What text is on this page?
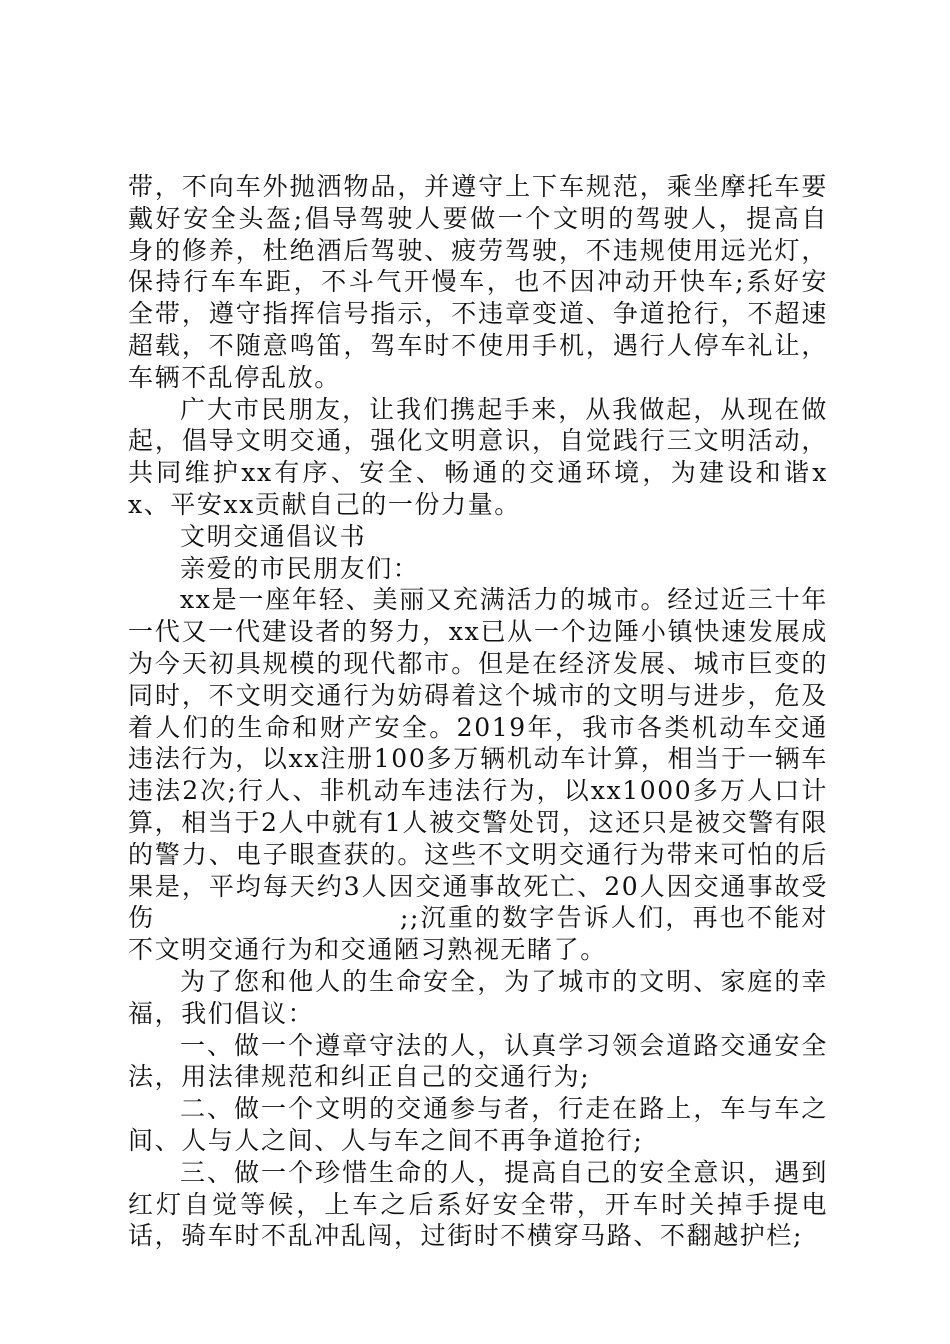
带，不向车外抛洒物品，并遵守上下车规范，乘坐摩托车要戴好安全头盔;倡导驾驶人要做一个文明的驾驶人，提高自身的修养，杜绝酒后驾驶、疲劳驾驶，不违规使用远光灯，保持行车车距，不斗气开慢车，也不因冲动开快车;系好安全带，遵守指挥信号指示，不违章变道、争道抢行，不超速超载，不随意鸣笛，驾车时不使用手机，遇行人停车礼让，车辆不乱停乱放。

广大市民朋友，让我们携起手来，从我做起，从现在做起，倡导文明交通，强化文明意识，自觉践行三文明活动，共同维护xx有序、安全、畅通的交通环境，为建设和谐xx、平安xx贡献自己的一份力量。

文明交通倡议书

亲爱的市民朋友们：

xx是一座年轻、美丽又充满活力的城市。经过近三十年一代又一代建设者的努力，xx已从一个边陲小镇快速发展成为今天初具规模的现代都市。但是在经济发展、城市巨变的同时，不文明交通行为妨碍着这个城市的文明与进步，危及着人们的生命和财产安全。2019年，我市各类机动车交通违法行为，以xx注册100多万辆机动车计算，相当于一辆车违法2次;行人、非机动车违法行为，以xx1000多万人口计算，相当于2人中就有1人被交警处罚，这还只是被交警有限的警力、电子眼查获的。这些不文明交通行为带来可怕的后果是，平均每天约3人因交通事故死亡、20人因交通事故受伤　　　　　　　　　;;沉重的数字告诉人们，再也不能对不文明交通行为和交通陋习熟视无睹了。

为了您和他人的生命安全，为了城市的文明、家庭的幸福，我们倡议：

一、做一个遵章守法的人，认真学习领会道路交通安全法，用法律规范和纠正自己的交通行为;

二、做一个文明的交通参与者，行走在路上，车与车之间、人与人之间、人与车之间不再争道抢行;

三、做一个珍惜生命的人，提高自己的安全意识，遇到红灯自觉等候，上车之后系好安全带，开车时关掉手提电话，骑车时不乱冲乱闯，过街时不横穿马路、不翻越护栏;
